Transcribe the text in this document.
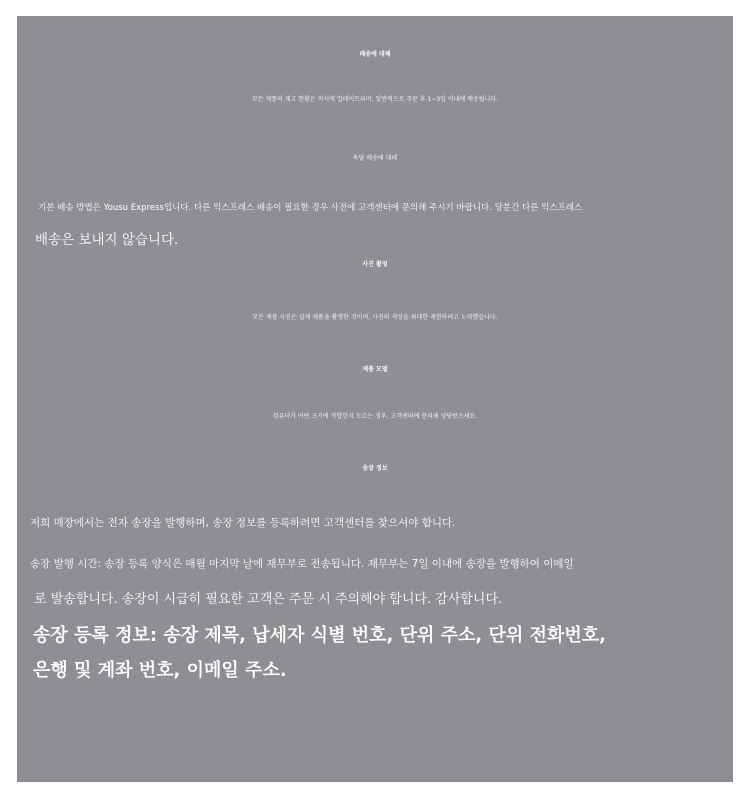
배송에 대해
모든 제품의 재고 현황은 적시에 업데이트되며, 일반적으로 주문 후 1~3일 이내에 배송됩니다.
속달 배송에 대해
기본 배송 방법은 Yousu Express입니다. 다른 익스프레스 배송이 필요한 경우 사전에 고객센터에 문의해 주시기 바랍니다. 당분간 다른 익스프레스
배송은 보내지 않습니다.
사진 촬영
모든 제품 사진은 실제 제품을 촬영한 것이며, 사진의 색상을 최대한 재현하려고 노력했습니다.
제품 모델
컴퓨터가 어떤 크기에 적합한지 모르는 경우, 고객센터에 문의해 상담받으세요.
송장 정보
저희 매장에서는 전자 송장을 발행하며, 송장 정보를 등록하려면 고객센터를 찾으셔야 합니다.
송장 발행 시간: 송장 등록 양식은 매월 마지막 날에 재무부로 전송됩니다. 재무부는 7일 이내에 송장을 발행하여 이메일
로 발송합니다. 송장이 시급히 필요한 고객은 주문 시 주의해야 합니다. 감사합니다.
송장 등록 정보: 송장 제목, 납세자 식별 번호, 단위 주소, 단위 전화번호,
은행 및 계좌 번호, 이메일 주소.
